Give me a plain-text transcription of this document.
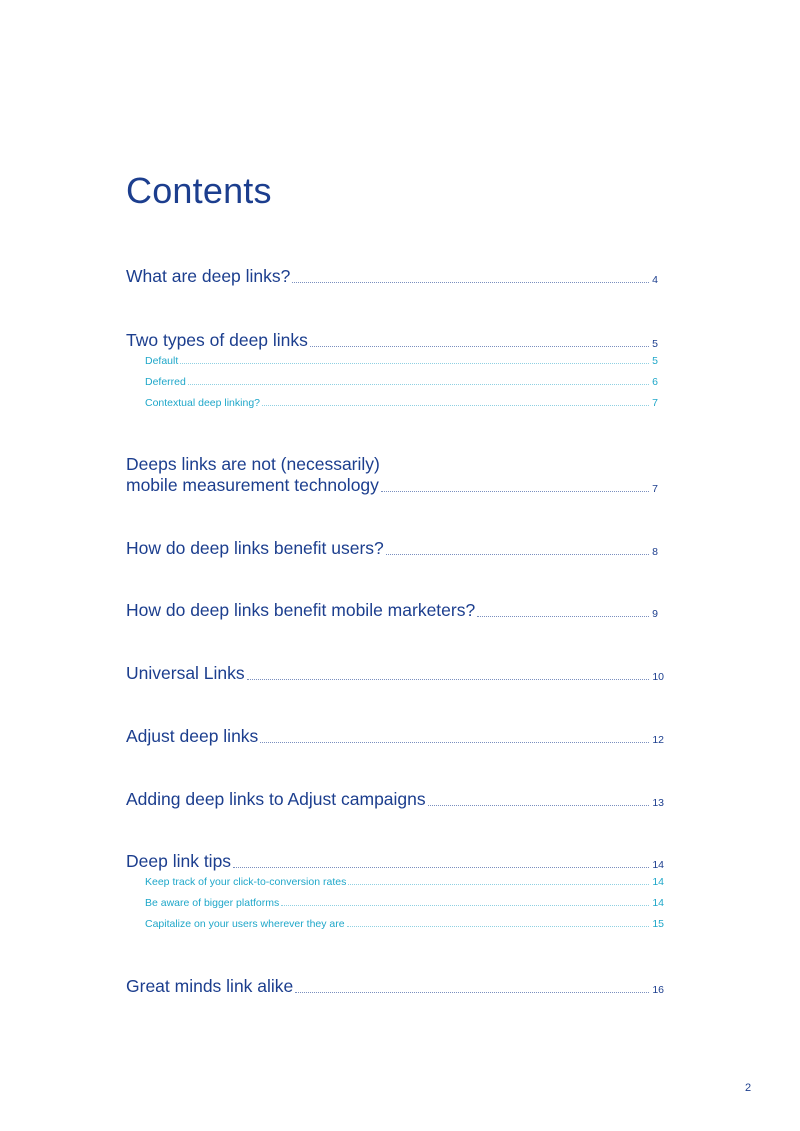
Contents
What are deep links?	4
Two types of deep links	5
Default	5
Deferred	6
Contextual deep linking?	7
Deeps links are not (necessarily)
mobile measurement technology	7
How do deep links benefit users?	8
How do deep links benefit mobile marketers?	9
Universal Links	10
Adjust deep links	12
Adding deep links to Adjust campaigns	13
Deep link tips	14
Keep track of your click-to-conversion rates	14
Be aware of bigger platforms	14
Capitalize on your users wherever they are	15
Great minds link alike	16
2
